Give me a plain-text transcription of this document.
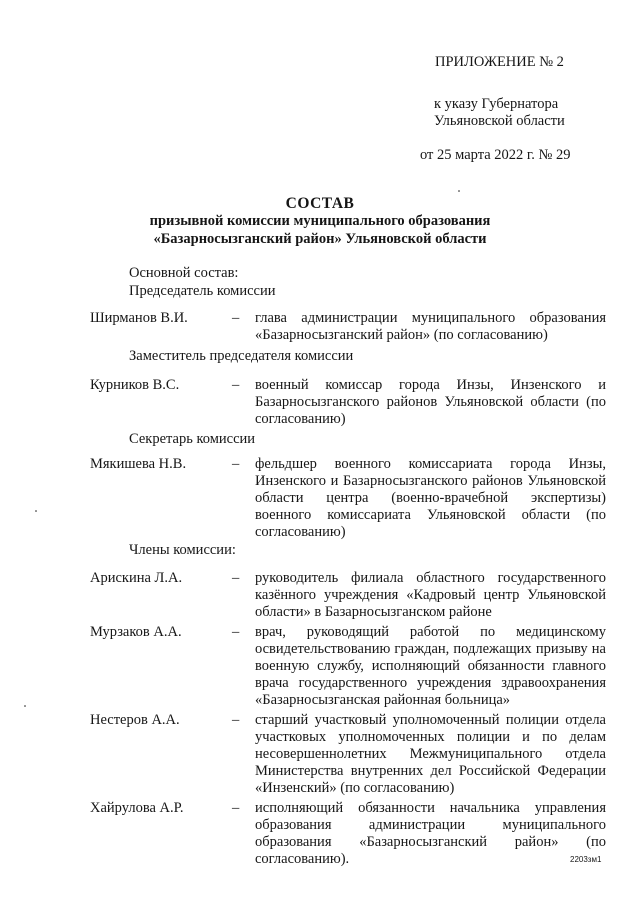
ПРИЛОЖЕНИЕ № 2
к указу Губернатора
Ульяновской области
от 25 марта 2022 г. № 29
СОСТАВ
призывной комиссии муниципального образования
«Базарносызганский район» Ульяновской области
Основной состав:
Председатель комиссии
Ширманов В.И.	– глава администрации муниципального образования «Базарносызганский район» (по согласованию)
Заместитель председателя комиссии
Курников В.С.	– военный комиссар города Инзы, Инзенского и Базарносызганского районов Ульяновской области (по согласованию)
Секретарь комиссии
Мякишева Н.В.	– фельдшер военного комиссариата города Инзы, Инзенского и Базарносызганского районов Ульяновской области центра (военно-врачебной экспертизы) военного комиссариата Ульяновской области (по согласованию)
Члены комиссии:
Арискина Л.А.	– руководитель филиала областного государственного казённого учреждения «Кадровый центр Ульяновской области» в Базарносызганском районе
Мурзаков А.А.	– врач, руководящий работой по медицинскому освидетельствованию граждан, подлежащих призыву на военную службу, исполняющий обязанности главного врача государственного учреждения здравоохранения «Базарносызганская районная больница»
Нестеров А.А.	– старший участковый уполномоченный полиции отдела участковых уполномоченных полиции и по делам несовершеннолетних Межмуниципального отдела Министерства внутренних дел Российской Федерации «Инзенский» (по согласованию)
Хайрулова А.Р.	– исполняющий обязанности начальника управления образования администрации муниципального образования «Базарносызганский район» (по согласованию).	2203зм1
